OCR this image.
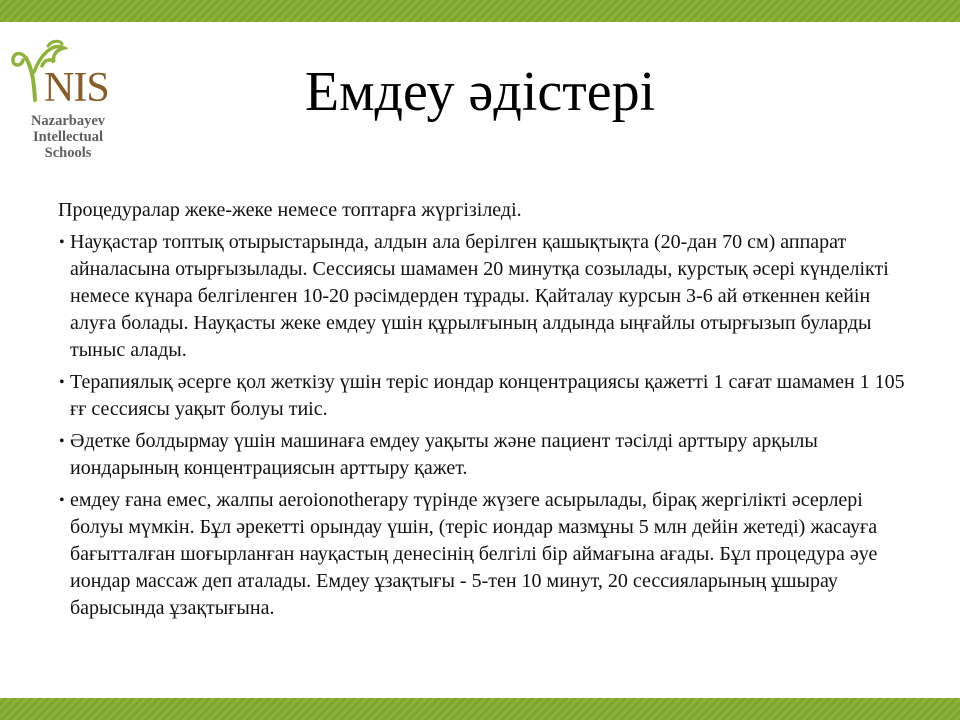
NIS
Nazarbayev
Intellectual
Schools
Емдеу әдістері

Процедуралар жеке-жеке немесе топтарға жүргізіледі.

• Науқастар топтық отырыстарында, алдын ала берілген қашықтықта (20-дан 70 см) аппарат айналасына отырғызылады. Сессиясы шамамен 20 минутқа созылады, курстық әсері күнделікті немесе күнара белгіленген 10-20 рәсімдерден тұрады. Қайталау курсын 3-6 ай өткеннен кейін алуға болады. Науқасты жеке емдеу үшін құрылғының алдында ыңғайлы отырғызып буларды тыныс алады.
• Терапиялық әсерге қол жеткізу үшін теріс иондар концентрациясы қажетті 1 сағат шамамен 1 105 ғғ сессиясы уақыт болуы тиіс.
• Әдетке болдырмау үшін машинаға емдеу уақыты және пациент тәсілді арттыру арқылы иондарының концентрациясын арттыру қажет.
• емдеу ғана емес, жалпы aeroionotherapy түрінде жүзеге асырылады, бірақ жергілікті әсерлері болуы мүмкін. Бұл әрекетті орындау үшін, (теріс иондар мазмұны 5 млн дейін жетеді) жасауға бағытталған шоғырланған науқастың денесінің белгілі бір аймағына ағады. Бұл процедура әуе иондар массаж деп аталады. Емдеу ұзақтығы - 5-тен 10 минут, 20 сессияларының ұшырау барысында ұзақтығына.
